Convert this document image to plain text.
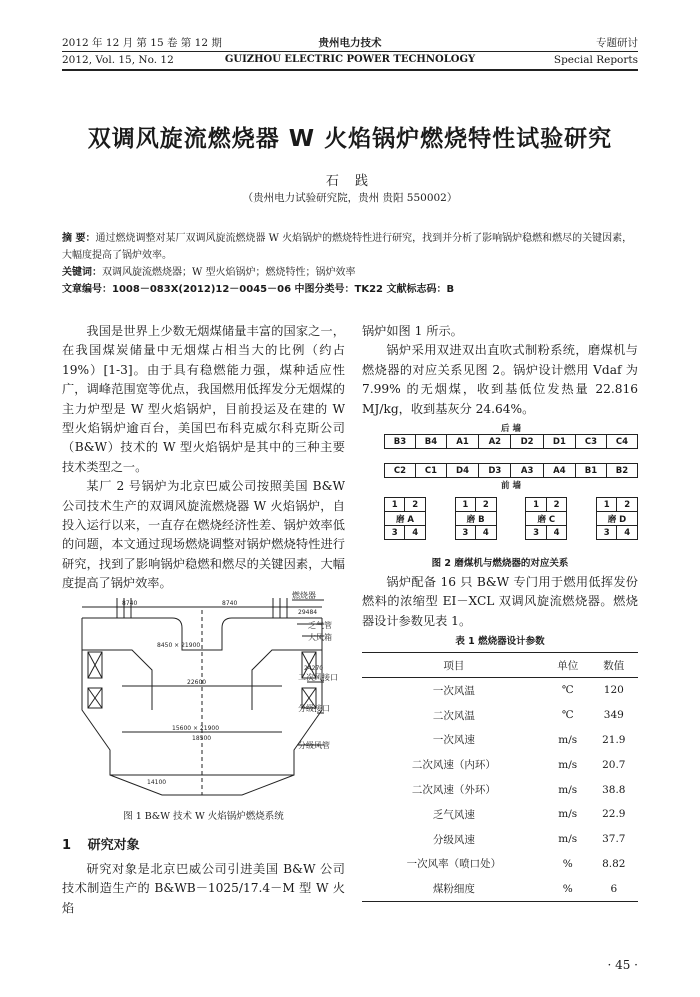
2012 年 12 月 第 15 卷 第 12 期
2012, Vol. 15, No. 12
贵州电力技术
GUIZHOU ELECTRIC POWER TECHNOLOGY
专题研讨
Special Reports
双调风旋流燃烧器 W 火焰锅炉燃烧特性试验研究
石 践
（贵州电力试验研究院，贵州 贵阳 550002）
摘 要：通过燃烧调整对某厂双调风旋流燃烧器 W 火焰锅炉的燃烧特性进行研究，找到并分析了影响锅炉稳燃和燃尽的关键因素，大幅度提高了锅炉效率。
关键词：双调风旋流燃烧器；W 型火焰锅炉；燃烧特性；锅炉效率
文章编号：1008－083X(2012)12－0045－06 中图分类号：TK22 文献标志码：B

我国是世界上少数无烟煤储量丰富的国家之一，在我国煤炭储量中无烟煤占相当大的比例（约占 19%）[1-3]。由于具有稳燃能力强，煤种适应性广，调峰范围宽等优点，我国燃用低挥发分无烟煤的主力炉型是 W 型火焰锅炉，目前投运及在建的 W 型火焰锅炉逾百台，美国巴布科克威尔科克斯公司（B&W）技术的 W 型火焰锅炉是其中的三种主要技术类型之一。

某厂 2 号锅炉为北京巴威公司按照美国 B&W 公司技术生产的双调风旋流燃烧器 W 火焰锅炉，自投入运行以来，一直存在燃烧经济性差、锅炉效率低的问题，本文通过现场燃烧调整对锅炉燃烧特性进行研究，找到了影响锅炉稳燃和燃尽的关键因素，大幅度提高了锅炉效率。

8740	8740
29484
8450 × 21900
24270
22600
15600 × 21900
18500
14100
燃烧器
乏气管
大风箱
二次风接口
分级接口
分级风管
图 1 B&W 技术 W 火焰锅炉燃烧系统
1 研究对象

研究对象是北京巴威公司引进美国 B&W 公司技术制造生产的 B&WB－1025/17.4－M 型 W 火焰

锅炉如图 1 所示。

锅炉采用双进双出直吹式制粉系统，磨煤机与燃烧器的对应关系见图 2。锅炉设计燃用 Vdaf 为 7.99% 的无烟煤，收到基低位发热量 22.816 MJ/kg，收到基灰分 24.64%。

后 墙							
B3	B4	A1	A2	D2	D1	C3	C4

C2	C1	D4	D3	A3	A4	B1	B2
前 墙							
1	2
磨 A	
3	4
1	2
磨 B	
3	4
1	2
磨 C	
3	4
1	2
磨 D	
3	4
图 2 磨煤机与燃烧器的对应关系

锅炉配备 16 只 B&W 专门用于燃用低挥发份燃料的浓缩型 EI－XCL 双调风旋流燃烧器。燃烧器设计参数见表 1。

表 1 燃烧器设计参数
项目	单位	数值
一次风温	℃	120
二次风温	℃	349
一次风速	m/s	21.9
二次风速（内环）	m/s	20.7
二次风速（外环）	m/s	38.8
乏气风速	m/s	22.9
分级风速	m/s	37.7
一次风率（喷口处）	%	8.82
煤粉细度	%	6
· 45 ·
